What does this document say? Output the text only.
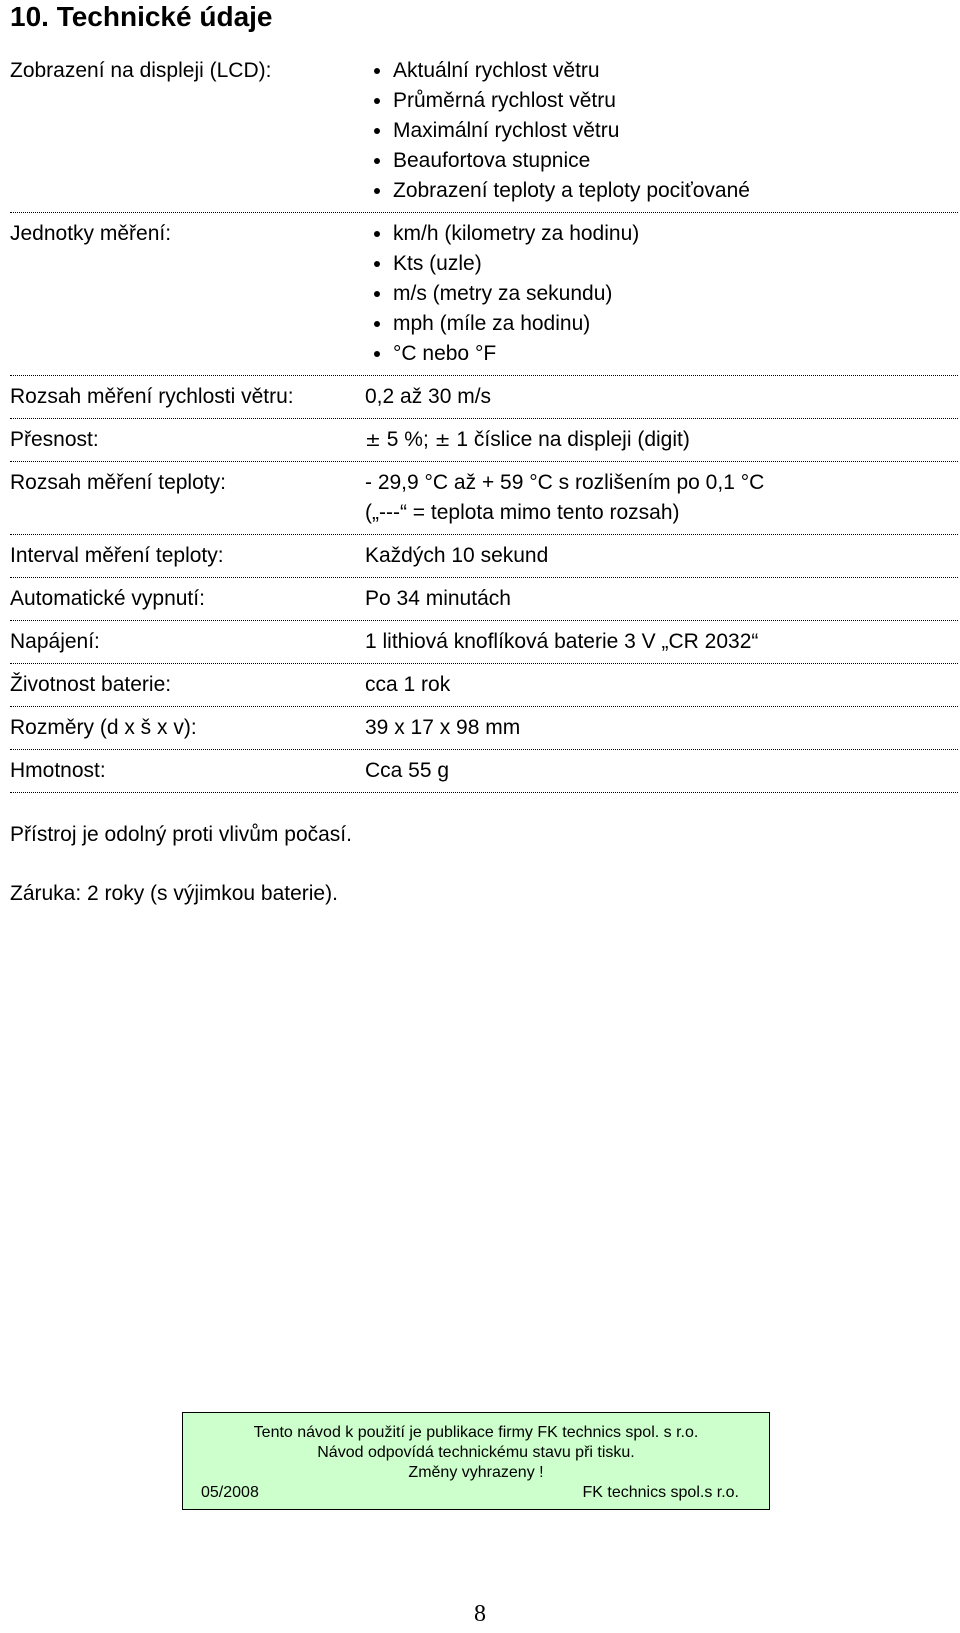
10. Technické údaje
Zobrazení na displeji (LCD):	• Aktuální rychlost větru
• Průměrná rychlost větru
• Maximální rychlost větru
• Beaufortova stupnice
• Zobrazení teploty a teploty pociťované
Jednotky měření:	• km/h (kilometry za hodinu)
• Kts (uzle)
• m/s (metry za sekundu)
• mph (míle za hodinu)
• °C nebo °F
Rozsah měření rychlosti větru:	0,2 až 30 m/s
Přesnost:	± 5 %; ± 1 číslice na displeji (digit)
Rozsah měření teploty:	- 29,9 °C až + 59 °C s rozlišením po 0,1 °C
(„---“ = teplota mimo tento rozsah)
Interval měření teploty:	Každých 10 sekund
Automatické vypnutí:	Po 34 minutách
Napájení:	1 lithiová knoflíková baterie 3 V „CR 2032“
Životnost baterie:	cca 1 rok
Rozměry (d x š x v):	39 x 17 x 98 mm
Hmotnost:	Cca 55 g
Přístroj je odolný proti vlivům počasí.
Záruka: 2 roky (s výjimkou baterie).
Tento návod k použití je publikace firmy FK technics spol. s r.o.
Návod odpovídá technickému stavu při tisku.
Změny vyhrazeny !
05/2008	FK technics spol.s r.o.
8
